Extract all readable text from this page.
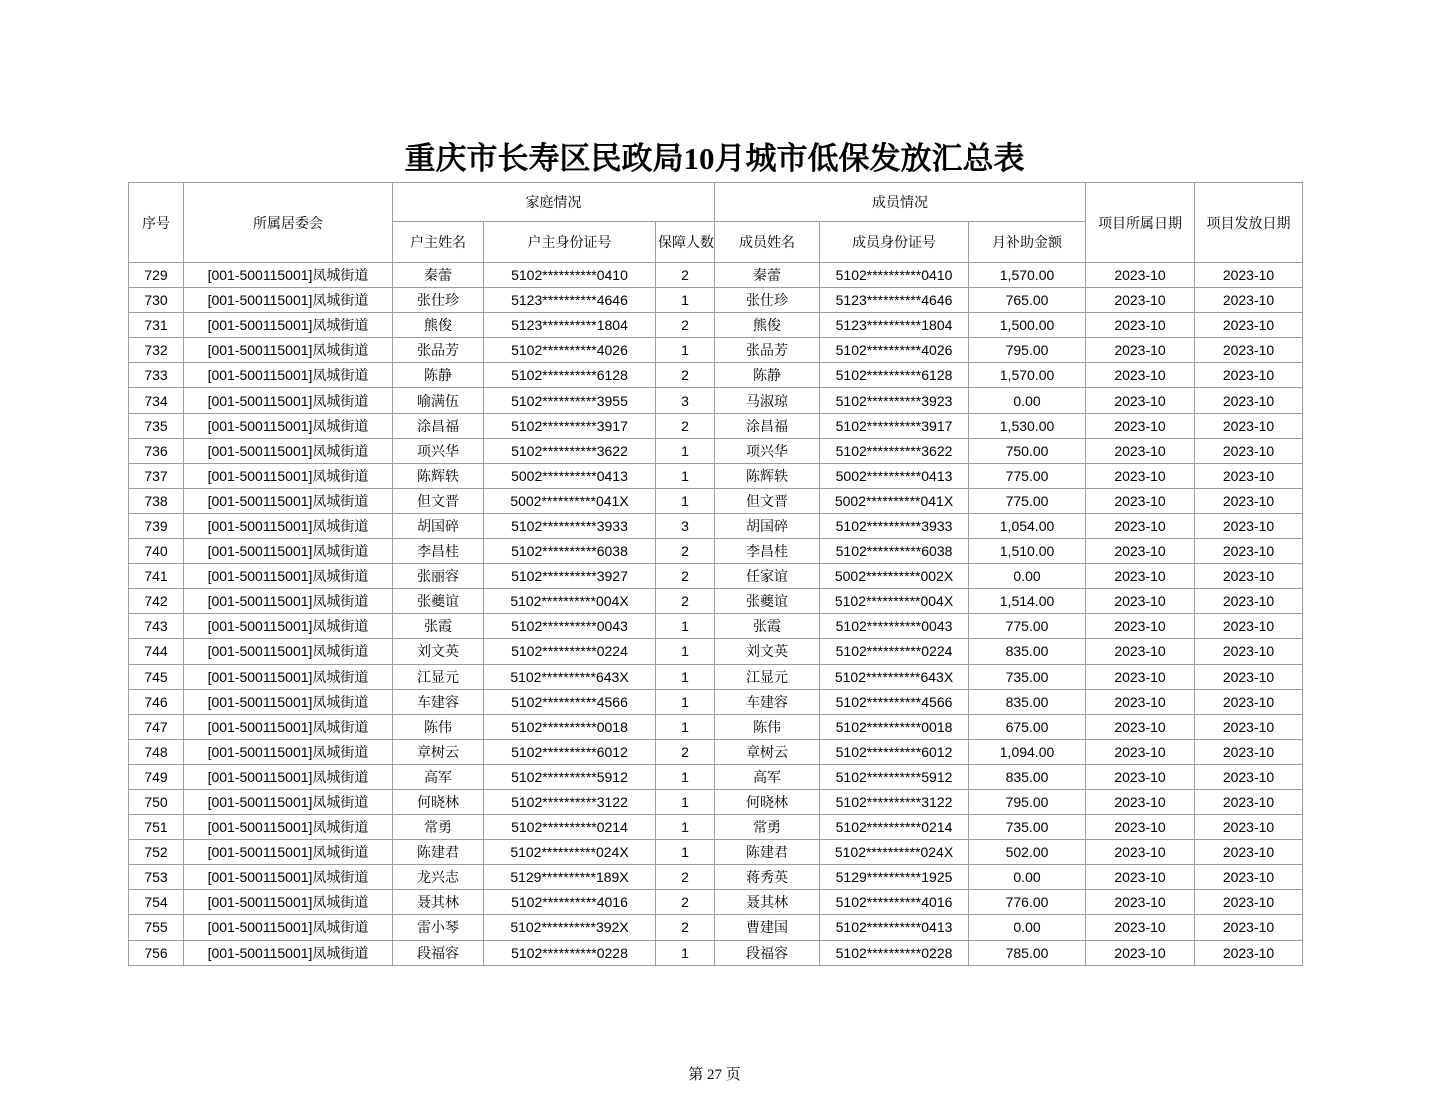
重庆市长寿区民政局10月城市低保发放汇总表
序号	所属居委会	家庭情况			成员情况			项目所属日期	项目发放日期
		户主姓名	户主身份证号	保障人数	成员姓名	成员身份证号	月补助金额		
729	[001-500115001]凤城街道	秦蕾	5102**********0410	2	秦蕾	5102**********0410	1,570.00	2023-10	2023-10
730	[001-500115001]凤城街道	张仕珍	5123**********4646	1	张仕珍	5123**********4646	765.00	2023-10	2023-10
731	[001-500115001]凤城街道	熊俊	5123**********1804	2	熊俊	5123**********1804	1,500.00	2023-10	2023-10
732	[001-500115001]凤城街道	张品芳	5102**********4026	1	张品芳	5102**********4026	795.00	2023-10	2023-10
733	[001-500115001]凤城街道	陈静	5102**********6128	2	陈静	5102**********6128	1,570.00	2023-10	2023-10
734	[001-500115001]凤城街道	喻满伍	5102**********3955	3	马淑琼	5102**********3923	0.00	2023-10	2023-10
735	[001-500115001]凤城街道	涂昌福	5102**********3917	2	涂昌福	5102**********3917	1,530.00	2023-10	2023-10
736	[001-500115001]凤城街道	项兴华	5102**********3622	1	项兴华	5102**********3622	750.00	2023-10	2023-10
737	[001-500115001]凤城街道	陈辉轶	5002**********0413	1	陈辉轶	5002**********0413	775.00	2023-10	2023-10
738	[001-500115001]凤城街道	但文晋	5002**********041X	1	但文晋	5002**********041X	775.00	2023-10	2023-10
739	[001-500115001]凤城街道	胡国碎	5102**********3933	3	胡国碎	5102**********3933	1,054.00	2023-10	2023-10
740	[001-500115001]凤城街道	李昌桂	5102**********6038	2	李昌桂	5102**********6038	1,510.00	2023-10	2023-10
741	[001-500115001]凤城街道	张丽容	5102**********3927	2	任家谊	5002**********002X	0.00	2023-10	2023-10
742	[001-500115001]凤城街道	张夔谊	5102**********004X	2	张夔谊	5102**********004X	1,514.00	2023-10	2023-10
743	[001-500115001]凤城街道	张霞	5102**********0043	1	张霞	5102**********0043	775.00	2023-10	2023-10
744	[001-500115001]凤城街道	刘文英	5102**********0224	1	刘文英	5102**********0224	835.00	2023-10	2023-10
745	[001-500115001]凤城街道	江显元	5102**********643X	1	江显元	5102**********643X	735.00	2023-10	2023-10
746	[001-500115001]凤城街道	车建容	5102**********4566	1	车建容	5102**********4566	835.00	2023-10	2023-10
747	[001-500115001]凤城街道	陈伟	5102**********0018	1	陈伟	5102**********0018	675.00	2023-10	2023-10
748	[001-500115001]凤城街道	章树云	5102**********6012	2	章树云	5102**********6012	1,094.00	2023-10	2023-10
749	[001-500115001]凤城街道	高军	5102**********5912	1	高军	5102**********5912	835.00	2023-10	2023-10
750	[001-500115001]凤城街道	何晓林	5102**********3122	1	何晓林	5102**********3122	795.00	2023-10	2023-10
751	[001-500115001]凤城街道	常勇	5102**********0214	1	常勇	5102**********0214	735.00	2023-10	2023-10
752	[001-500115001]凤城街道	陈建君	5102**********024X	1	陈建君	5102**********024X	502.00	2023-10	2023-10
753	[001-500115001]凤城街道	龙兴志	5129**********189X	2	蒋秀英	5129**********1925	0.00	2023-10	2023-10
754	[001-500115001]凤城街道	聂其林	5102**********4016	2	聂其林	5102**********4016	776.00	2023-10	2023-10
755	[001-500115001]凤城街道	雷小琴	5102**********392X	2	曹建国	5102**********0413	0.00	2023-10	2023-10
756	[001-500115001]凤城街道	段福容	5102**********0228	1	段福容	5102**********0228	785.00	2023-10	2023-10
第 27 页
